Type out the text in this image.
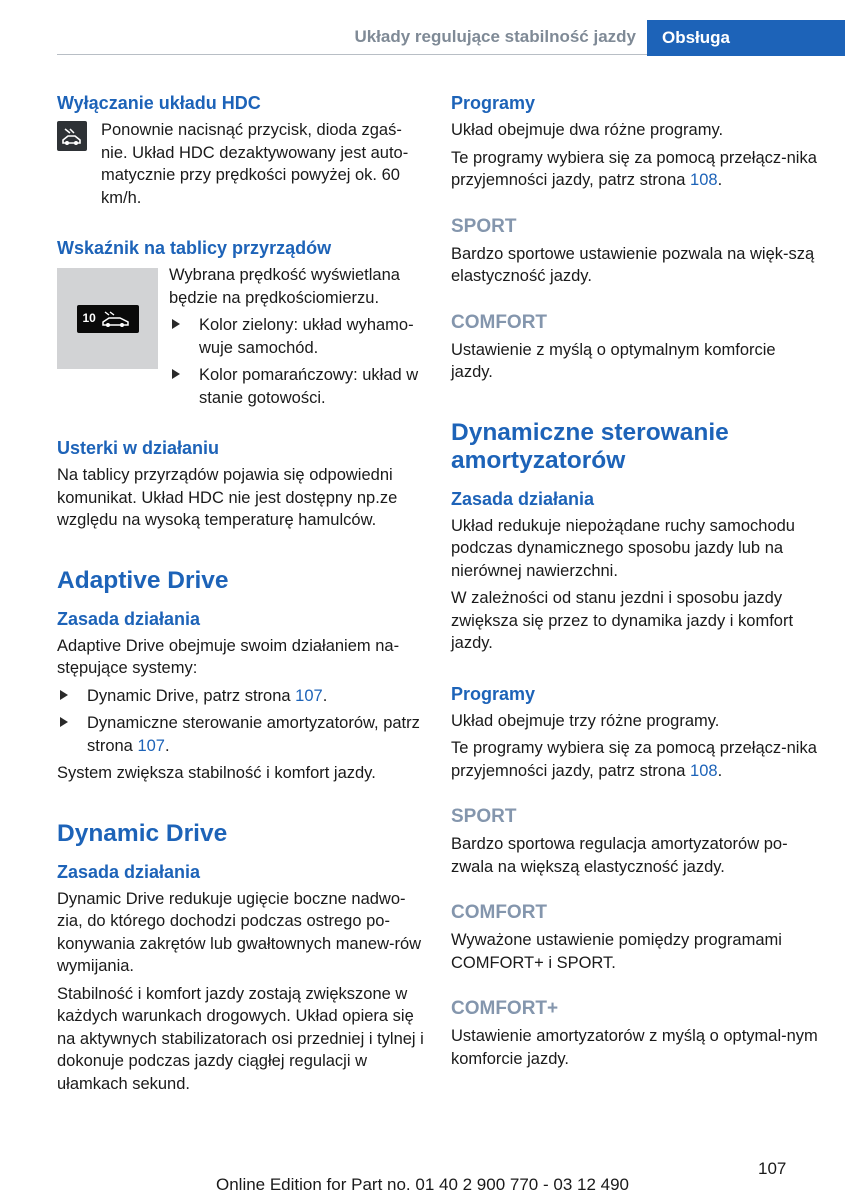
Układy regulujące stabilność jazdy	Obsługa
Wyłączanie układu HDC

Ponownie nacisnąć przycisk, dioda zgaś-nie. Układ HDC dezaktywowany jest auto-matycznie przy prędkości powyżej ok. 60 km/h.

Wskaźnik na tablicy przyrządów
10

Wybrana prędkość wyświetlana będzie na prędkościomierzu.

Kolor zielony: układ wyhamo-wuje samochód.
Kolor pomarańczowy: układ w stanie gotowości.
Usterki w działaniu

Na tablicy przyrządów pojawia się odpowiedni komunikat. Układ HDC nie jest dostępny np.ze względu na wysoką temperaturę hamulców.

Adaptive Drive
Zasada działania

Adaptive Drive obejmuje swoim działaniem na-stępujące systemy:

Dynamic Drive, patrz strona 107.
Dynamiczne sterowanie amortyzatorów, patrz strona 107.

System zwiększa stabilność i komfort jazdy.

Dynamic Drive
Zasada działania

Dynamic Drive redukuje ugięcie boczne nadwo-zia, do którego dochodzi podczas ostrego po-konywania zakrętów lub gwałtownych manew-rów wymijania.

Stabilność i komfort jazdy zostają zwiększone w każdych warunkach drogowych. Układ opiera się na aktywnych stabilizatorach osi przedniej i tylnej i dokonuje podczas jazdy ciągłej regulacji w ułamkach sekund.

Programy

Układ obejmuje dwa różne programy.

Te programy wybiera się za pomocą przełącz-nika przyjemności jazdy, patrz strona 108.

SPORT

Bardzo sportowe ustawienie pozwala na więk-szą elastyczność jazdy.

COMFORT

Ustawienie z myślą o optymalnym komforcie jazdy.

Dynamiczne sterowanie amortyzatorów
Zasada działania

Układ redukuje niepożądane ruchy samochodu podczas dynamicznego sposobu jazdy lub na nierównej nawierzchni.

W zależności od stanu jezdni i sposobu jazdy zwiększa się przez to dynamika jazdy i komfort jazdy.

Programy

Układ obejmuje trzy różne programy.

Te programy wybiera się za pomocą przełącz-nika przyjemności jazdy, patrz strona 108.

SPORT

Bardzo sportowa regulacja amortyzatorów po-zwala na większą elastyczność jazdy.

COMFORT

Wyważone ustawienie pomiędzy programami COMFORT+ i SPORT.

COMFORT+

Ustawienie amortyzatorów z myślą o optymal-nym komforcie jazdy.

107
Online Edition for Part no. 01 40 2 900 770 - 03 12 490
